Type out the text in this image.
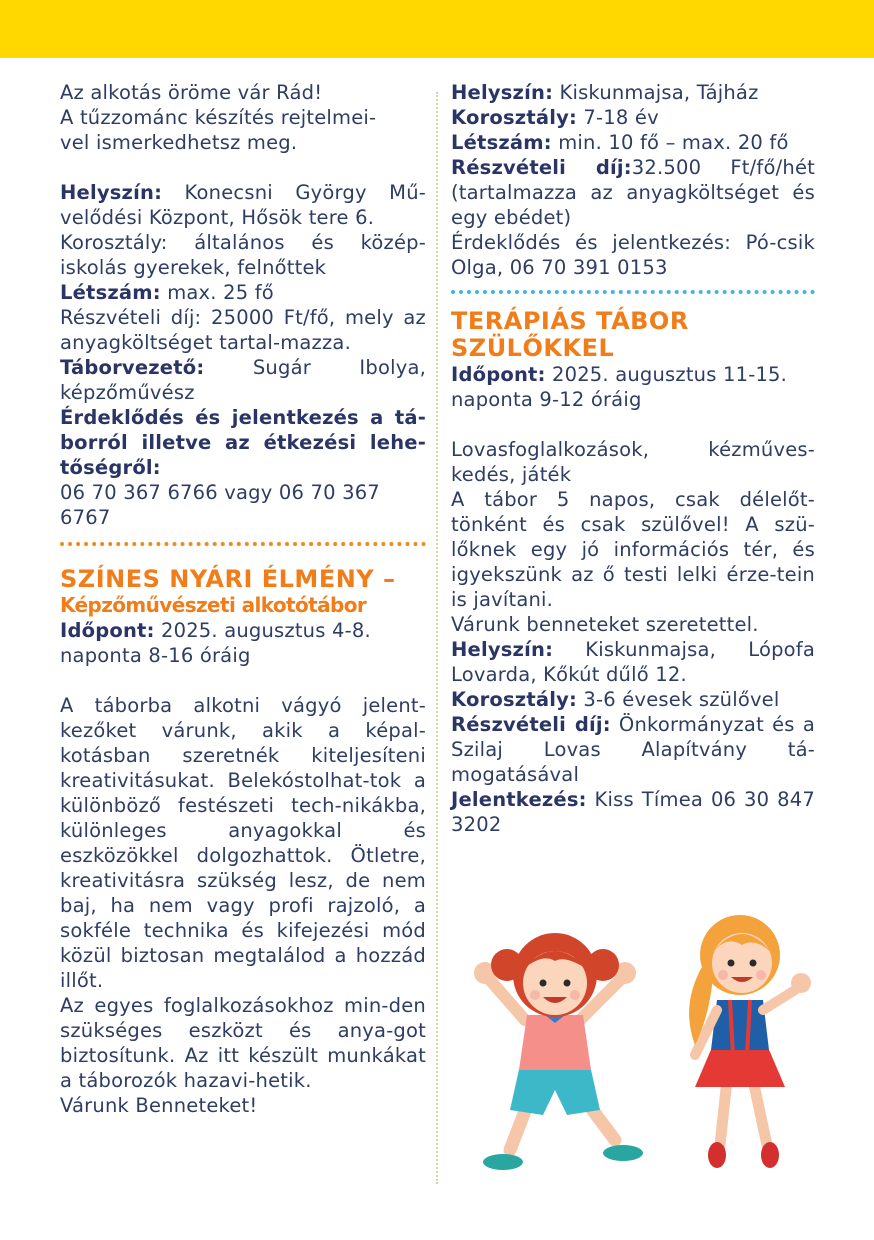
Az alkotás öröme vár Rád!

A tűzzománc készítés rejtelmei-

vel ismerkedhetsz meg.

Helyszín: Konecsni György Mű-velődési Központ, Hősök tere 6.

Korosztály: általános és közép-iskolás gyerekek, felnőttek

Létszám: max. 25 fő

Részvételi díj: 25000 Ft/fő, mely az anyagköltséget tartal-mazza.

Táborvezető: Sugár Ibolya, képzőművész

Érdeklődés és jelentkezés a tá-borról illetve az étkezési lehe-tőségről:

06 70 367 6766 vagy 06 70 367 6767

SZÍNES NYÁRI ÉLMÉNY –
Képzőművészeti alkotótábor

Időpont: 2025. augusztus 4-8.

naponta 8-16 óráig

A táborba alkotni vágyó jelent-kezőket várunk, akik a képal-kotásban szeretnék kiteljesíteni kreativitásukat. Belekóstolhat-tok a különböző festészeti tech-nikákba, különleges anyagokkal és eszközökkel dolgozhattok. Ötletre, kreativitásra szükség lesz, de nem baj, ha nem vagy profi rajzoló, a sokféle technika és kifejezési mód közül biztosan megtalálod a hozzád illőt.

Az egyes foglalkozásokhoz min-den szükséges eszközt és anya-got biztosítunk. Az itt készült munkákat a táborozók hazavi-hetik.

Várunk Benneteket!

Helyszín: Kiskunmajsa, Tájház

Korosztály: 7-18 év

Létszám: min. 10 fő – max. 20 fő

Részvételi díj:32.500 Ft/fő/hét (tartalmazza az anyagköltséget és egy ebédet)

Érdeklődés és jelentkezés: Pó-csik Olga, 06 70 391 0153

TERÁPIÁS TÁBOR SZÜLŐKKEL

Időpont: 2025. augusztus 11-15.

naponta 9-12 óráig

Lovasfoglalkozások, kézműves-kedés, játék

A tábor 5 napos, csak délelőt-tönként és csak szülővel! A szü-lőknek egy jó információs tér, és igyekszünk az ő testi lelki érze-tein is javítani.

Várunk benneteket szeretettel.

Helyszín: Kiskunmajsa, Lópofa Lovarda, Kőkút dűlő 12.

Korosztály: 3-6 évesek szülővel

Részvételi díj: Önkormányzat és a Szilaj Lovas Alapítvány tá-mogatásával

Jelentkezés: Kiss Tímea 06 30 847 3202
